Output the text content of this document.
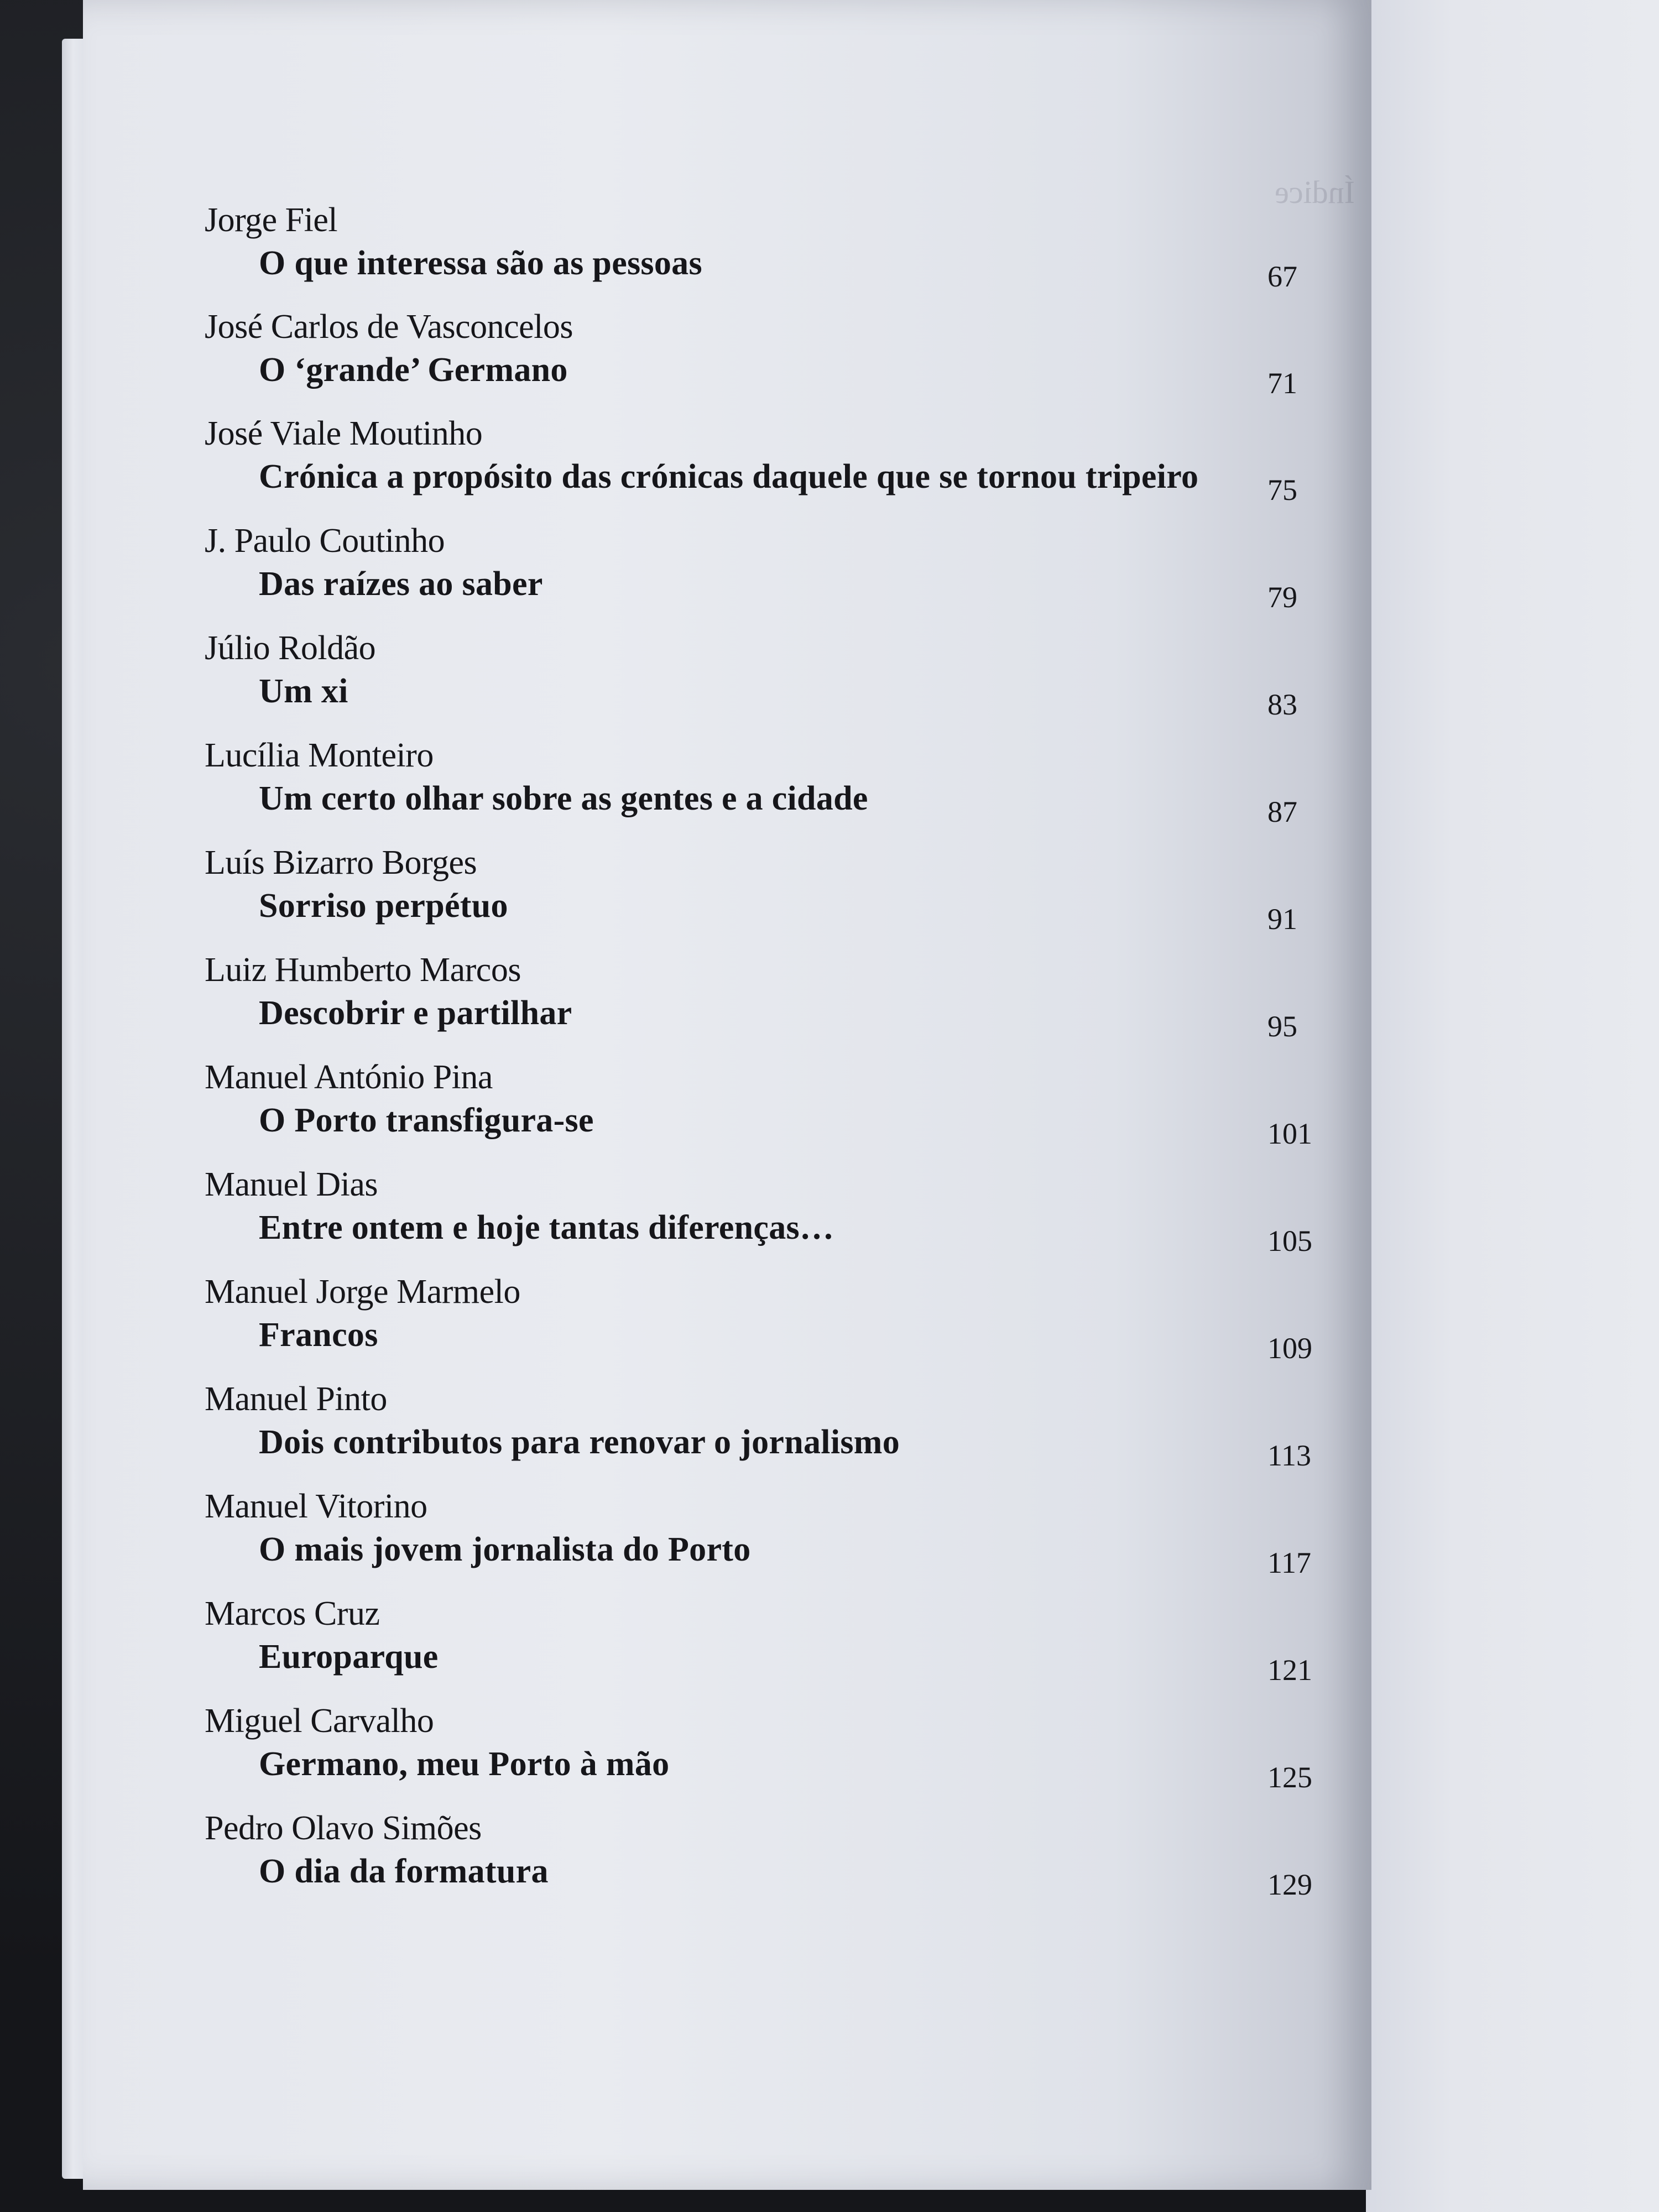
Índice
Jorge Fiel
O que interessa são as pessoas	67
José Carlos de Vasconcelos
O ‘grande’ Germano	71
José Viale Moutinho
Crónica a propósito das crónicas daquele que se tornou tripeiro 75
J. Paulo Coutinho
Das raízes ao saber	79
Júlio Roldão
Um xi	83
Lucília Monteiro
Um certo olhar sobre as gentes e a cidade	87
Luís Bizarro Borges
Sorriso perpétuo	91
Luiz Humberto Marcos
Descobrir e partilhar	95
Manuel António Pina
O Porto transfigura-se	101
Manuel Dias
Entre ontem e hoje tantas diferenças…	105
Manuel Jorge Marmelo
Francos	109
Manuel Pinto
Dois contributos para renovar o jornalismo	113
Manuel Vitorino
O mais jovem jornalista do Porto	117
Marcos Cruz
Europarque	121
Miguel Carvalho
Germano, meu Porto à mão	125
Pedro Olavo Simões
O dia da formatura	129
